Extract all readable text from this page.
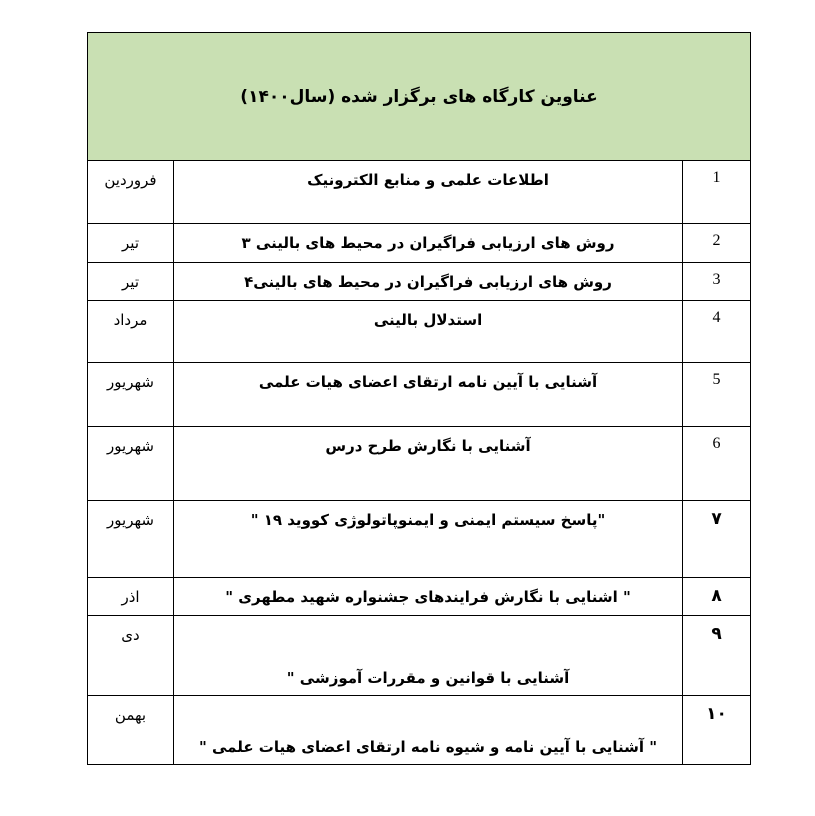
عناوین کارگاه های برگزار شده (سال۱۴۰۰)		
1	اطلاعات علمی و منابع الکترونیک	فروردین
2	روش های ارزیابی فراگیران در محیط های بالینی ۳	تیر
3	روش های ارزیابی فراگیران در محیط های بالینی۴	تیر
4	استدلال بالینی	مرداد
5	آشنایی با آیین نامه ارتقای اعضای هیات علمی	شهریور
6	آشنایی با نگارش طرح درس	شهریور
۷	"پاسخ سیستم ایمنی و ایمنوپاتولوژی کووید ۱۹ "	شهریور
۸	" اشنایی با نگارش فرایندهای جشنواره شهید مطهری "	اذر
۹	آشنایی با قوانین و مقررات آموزشی "	دی
۱۰	" آشنایی با آیین نامه و شیوه نامه ارتقای اعضای هیات علمی "	بهمن
